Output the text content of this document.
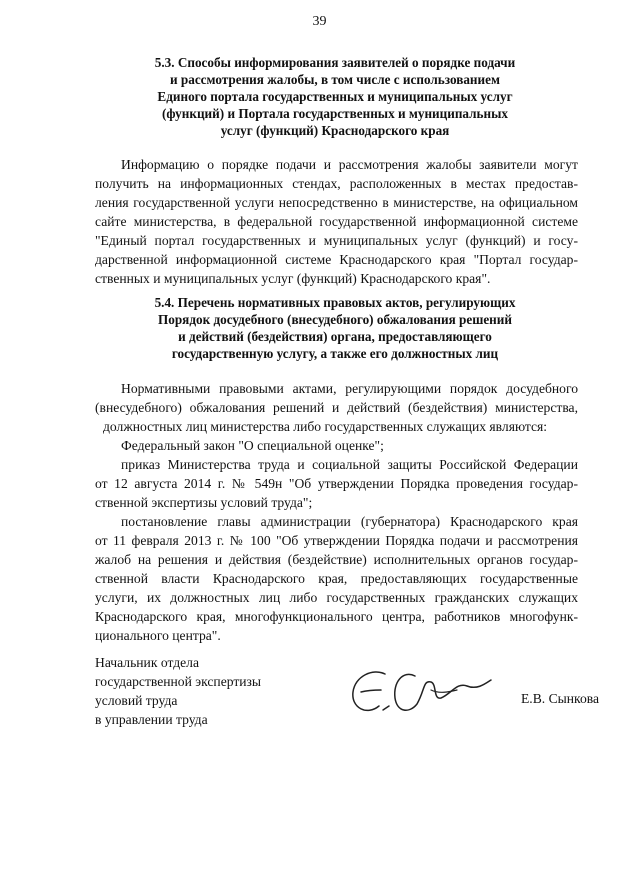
39
5.3. Способы информирования заявителей о порядке подачи
и рассмотрения жалобы, в том числе с использованием
Единого портала государственных и муниципальных услуг
(функций) и Портала государственных и муниципальных
услуг (функций) Краснодарского края
Информацию о порядке подачи и рассмотрения жалобы заявители могут
получить на информационных стендах, расположенных в местах предостав-
ления государственной услуги непосредственно в министерстве, на официальном
сайте министерства, в федеральной государственной информационной системе
"Единый портал государственных и муниципальных услуг (функций) и госу-
дарственной информационной системе Краснодарского края "Портал государ-
ственных и муниципальных услуг (функций) Краснодарского края".
5.4. Перечень нормативных правовых актов, регулирующих
Порядок досудебного (внесудебного) обжалования решений
и действий (бездействия) органа, предоставляющего
государственную услугу, а также его должностных лиц
Нормативными правовыми актами, регулирующими порядок досудебного
(внесудебного) обжалования решений и действий (бездействия) министерства,
должностных лиц министерства либо государственных служащих являются:
Федеральный закон "О специальной оценке";
приказ Министерства труда и социальной защиты Российской Федерации
от 12 августа 2014 г. № 549н "Об утверждении Порядка проведения государ-
ственной экспертизы условий труда";
постановление главы администрации (губернатора) Краснодарского края
от 11 февраля 2013 г. № 100 "Об утверждении Порядка подачи и рассмотрения
жалоб на решения и действия (бездействие) исполнительных органов государ-
ственной власти Краснодарского края, предоставляющих государственные
услуги, их должностных лиц либо государственных гражданских служащих
Краснодарского края, многофункционального центра, работников многофунк-
ционального центра".
Начальник отдела
государственной экспертизы
условий труда
в управлении труда
Е.В. Сынкова
